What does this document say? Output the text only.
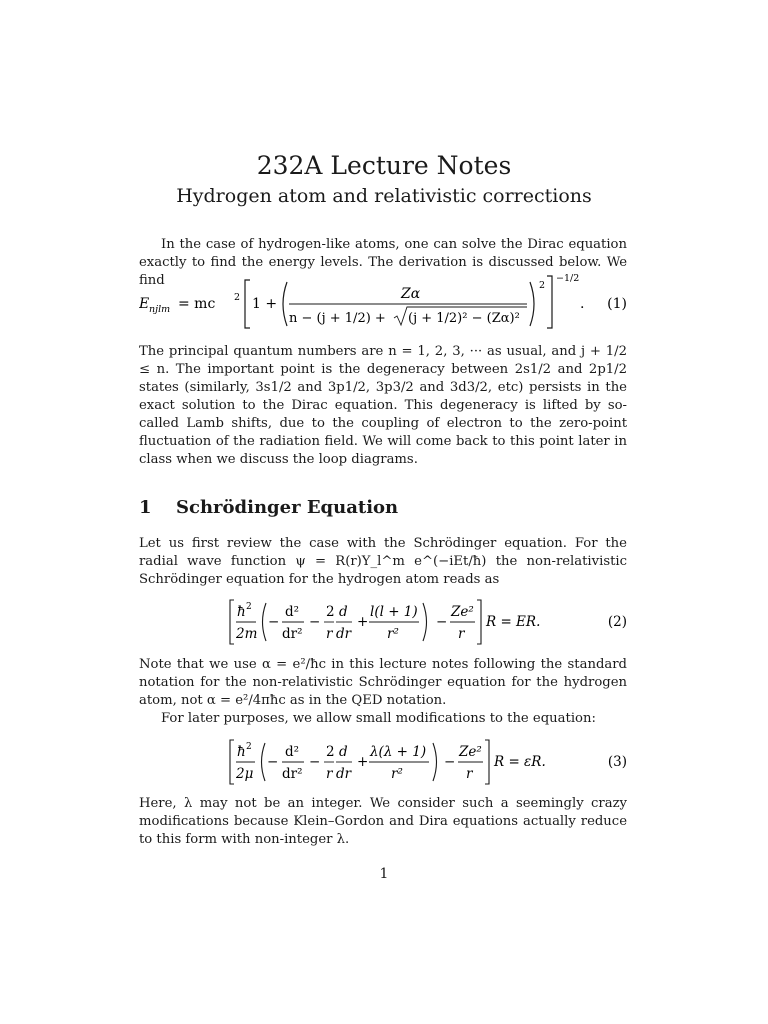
232A Lecture Notes
Hydrogen atom and relativistic corrections
In the case of hydrogen-like atoms, one can solve the Dirac equation exactly to find the energy levels. The derivation is discussed below. We find
E njlm = mc 2 1 +
Zα
n − (j + 1/2) + (j + 1/2)² − (Zα)²
2
−1/2
. (1)
The principal quantum numbers are n = 1, 2, 3, ··· as usual, and j + 1/2 ≤ n. The important point is the degeneracy between 2s1/2 and 2p1/2 states (similarly, 3s1/2 and 3p1/2, 3p3/2 and 3d3/2, etc) persists in the exact solution to the Dirac equation. This degeneracy is lifted by so-called Lamb shifts, due to the coupling of electron to the zero-point fluctuation of the radiation field. We will come back to this point later in class when we discuss the loop diagrams.
1 Schrödinger Equation
Let us first review the case with the Schrödinger equation. For the radial wave function ψ = R(r)Y_l^m e^(−iEt/ħ) the non-relativistic Schrödinger equation for the hydrogen atom reads as
ħ 2
2m
−
d²
dr²
−
2
r
d
dr
+
l(l + 1)
r²
−
Ze²
r
R = ER.	(2)
Note that we use α = e²/ħc in this lecture notes following the standard notation for the non-relativistic Schrödinger equation for the hydrogen atom, not α = e²/4πħc as in the QED notation.
For later purposes, we allow small modifications to the equation:
ħ 2
2μ
−
d²
dr²
−
2
r
d
dr
+
λ(λ + 1)
r²
−
Ze²
r
R = εR.	(3)
Here, λ may not be an integer. We consider such a seemingly crazy modifications because Klein–Gordon and Dira equations actually reduce to this form with non-integer λ.
1
